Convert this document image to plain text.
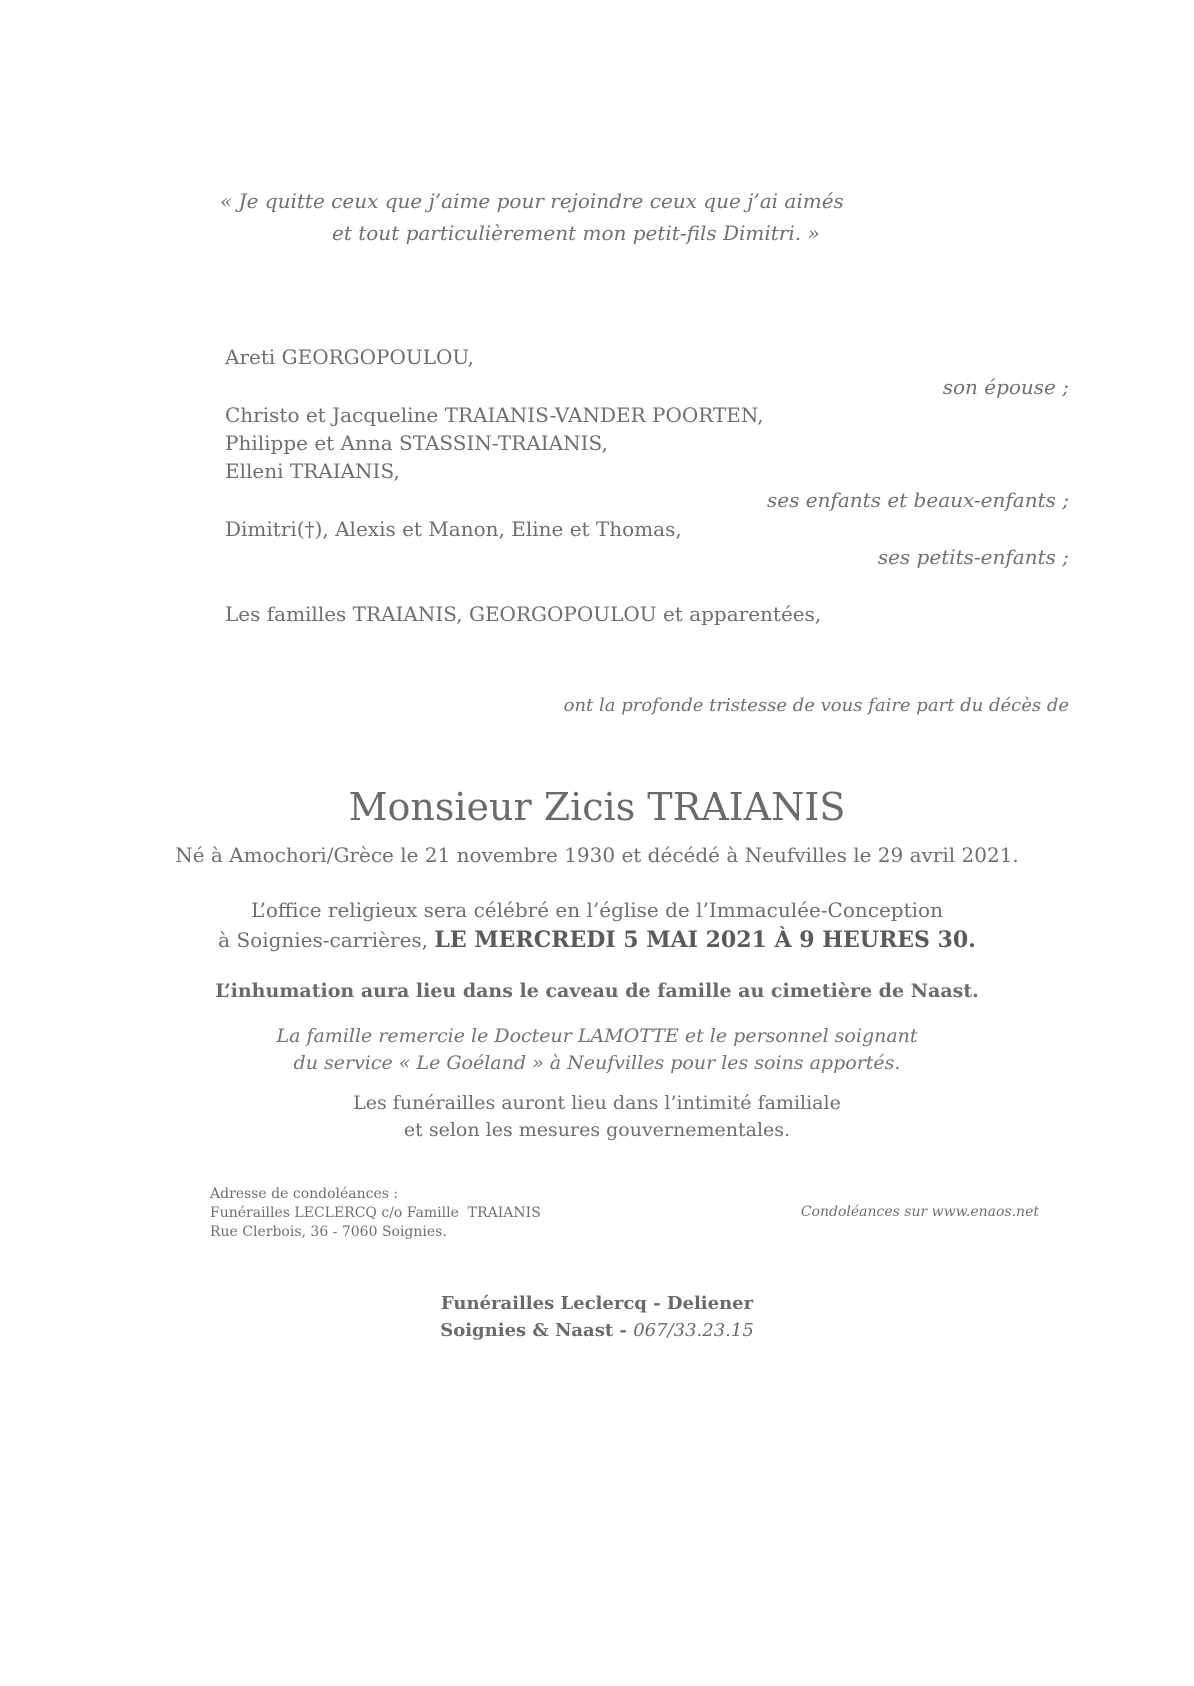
« Je quitte ceux que j’aime pour rejoindre ceux que j’ai aimés
et tout particulièrement mon petit-fils Dimitri. »
Areti GEORGOPOULOU,
son épouse ;
Christo et Jacqueline TRAIANIS-VANDER POORTEN,
Philippe et Anna STASSIN-TRAIANIS,
Elleni TRAIANIS,
ses enfants et beaux-enfants ;
Dimitri(†), Alexis et Manon, Eline et Thomas,
ses petits-enfants ;
Les familles TRAIANIS, GEORGOPOULOU et apparentées,
ont la profonde tristesse de vous faire part du décès de
Monsieur Zicis TRAIANIS
Né à Amochori/Grèce le 21 novembre 1930 et décédé à Neufvilles le 29 avril 2021.
L’office religieux sera célébré en l’église de l’Immaculée-Conception
à Soignies-carrières, LE MERCREDI 5 MAI 2021 À 9 HEURES 30.
L’inhumation aura lieu dans le caveau de famille au cimetière de Naast.
La famille remercie le Docteur LAMOTTE et le personnel soignant
du service « Le Goéland » à Neufvilles pour les soins apportés.
Les funérailles auront lieu dans l’intimité familiale
et selon les mesures gouvernementales.
Adresse de condoléances :
Funérailles LECLERCQ c/o Famille  TRAIANIS
Rue Clerbois, 36 - 7060 Soignies.
Condoléances sur www.enaos.net
Funérailles Leclercq - Deliener
Soignies & Naast - 067/33.23.15
